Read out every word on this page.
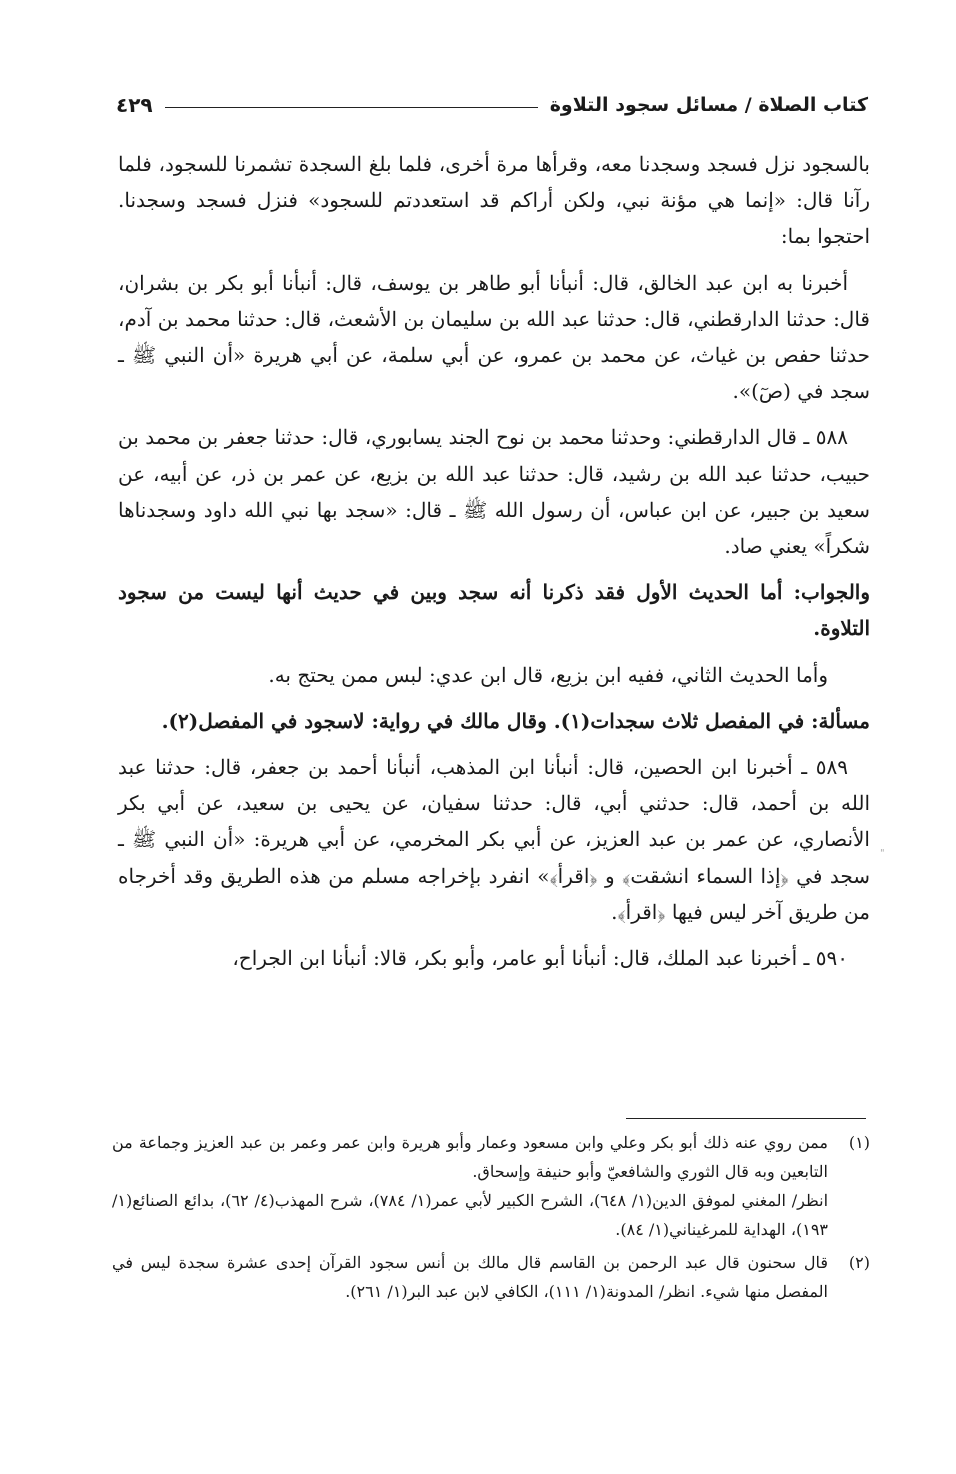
كتاب الصلاة / مسائل سجود التلاوة
٤٢٩

بالسجود نزل فسجد وسجدنا معه، وقرأها مرة أخرى، فلما بلغ السجدة تشمرنا للسجود، فلما رآنا قال: «إنما هي مؤنة نبي، ولكن أراكم قد استعددتم للسجود» فنزل فسجد وسجدنا. احتجوا بما:

أخبرنا به ابن عبد الخالق، قال: أنبأنا أبو طاهر بن يوسف، قال: أنبأنا أبو بكر بن بشران، قال: حدثنا الدارقطني، قال: حدثنا عبد الله بن سليمان بن الأشعث، قال: حدثنا محمد بن آدم، حدثنا حفص بن غياث، عن محمد بن عمرو، عن أبي سلمة، عن أبي هريرة «أن النبي ﷺ ـ سجد في (صٓ)».

٥٨٨ ـ قال الدارقطني: وحدثنا محمد بن نوح الجند يسابوري، قال: حدثنا جعفر بن محمد بن حبيب، حدثنا عبد الله بن رشيد، قال: حدثنا عبد الله بن بزيع، عن عمر بن ذر، عن أبيه، عن سعيد بن جبير، عن ابن عباس، أن رسول الله ﷺ ـ قال: «سجد بها نبي الله داود وسجدناها شكراً» يعني صاد.

والجواب: أما الحديث الأول فقد ذكرنا أنه سجد وبين في حديث أنها ليست من سجود التلاوة.

وأما الحديث الثاني، ففيه ابن بزيع، قال ابن عدي: لبس ممن يحتج به.

مسألة: في المفصل ثلاث سجدات(١). وقال مالك في رواية: لاسجود في المفصل(٢).

٥٨٩ ـ أخبرنا ابن الحصين، قال: أنبأنا ابن المذهب، أنبأنا أحمد بن جعفر، قال: حدثنا عبد الله بن أحمد، قال: حدثني أبي، قال: حدثنا سفيان، عن يحيى بن سعيد، عن أبي بكر الأنصاري، عن عمر بن عبد العزيز، عن أبي بكر المخرمي، عن أبي هريرة: «أن النبي ﷺ ـ سجد في ﴿إذا السماء انشقت﴾ و ﴿اقرأ﴾» انفرد بإخراجه مسلم من هذه الطريق وقد أخرجاه من طريق آخر ليس فيها ﴿اقرأ﴾.

٥٩٠ ـ أخبرنا عبد الملك، قال: أنبأنا أبو عامر، وأبو بكر، قالا: أنبأنا ابن الجراح،

"
(١)
ممن روي عنه ذلك أبو بكر وعلي وابن مسعود وعمار وأبو هريرة وابن عمر وعمر بن عبد العزيز وجماعة من التابعين وبه قال الثوري والشافعيّ وأبو حنيفة وإسحاق.
انظر/ المغني لموفق الدين(١/ ٦٤٨)، الشرح الكبير لأبي عمر(١/ ٧٨٤)، شرح المهذب(٤/ ٦٢)، بدائع الصنائع(١/ ١٩٣)، الهداية للمرغيناني(١/ ٨٤).
(٢)
قال سحنون قال عبد الرحمن بن القاسم قال مالك بن أنس سجود القرآن إحدى عشرة سجدة ليس في المفصل منها شيء. انظر/ المدونة(١/ ١١١)، الكافي لابن عبد البر(١/ ٢٦١).
